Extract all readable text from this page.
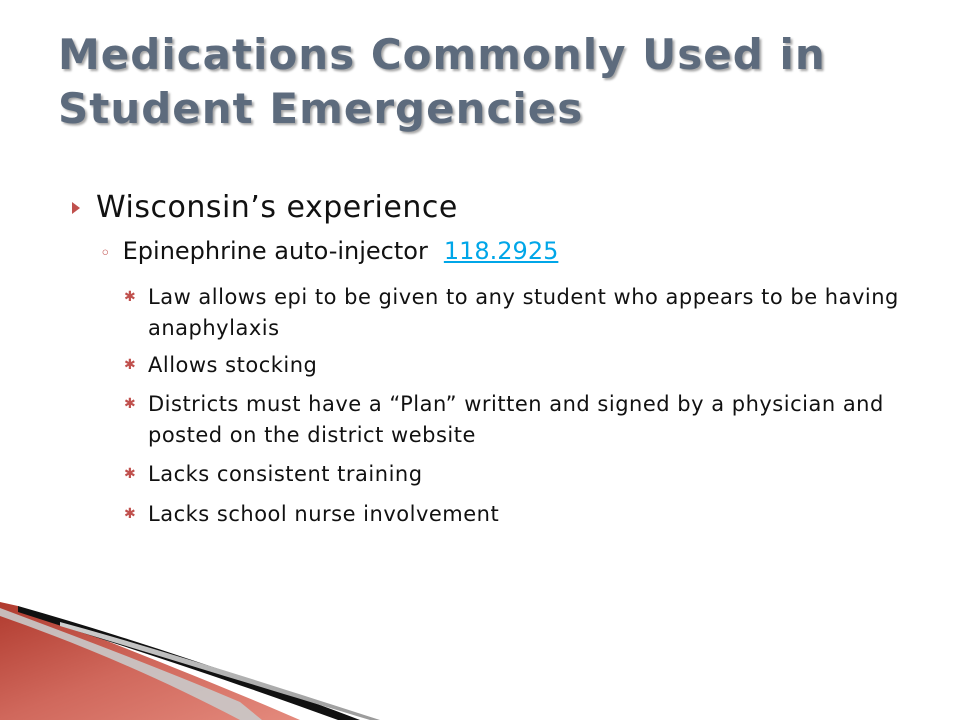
Medications Commonly Used in Student Emergencies
Wisconsin’s experience
◦ Epinephrine auto-injector 118.2925
✱ Law allows epi to be given to any student who appears to be having anaphylaxis
✱ Allows stocking
✱ Districts must have a “Plan” written and signed by a physician and posted on the district website
✱ Lacks consistent training
✱ Lacks school nurse involvement
